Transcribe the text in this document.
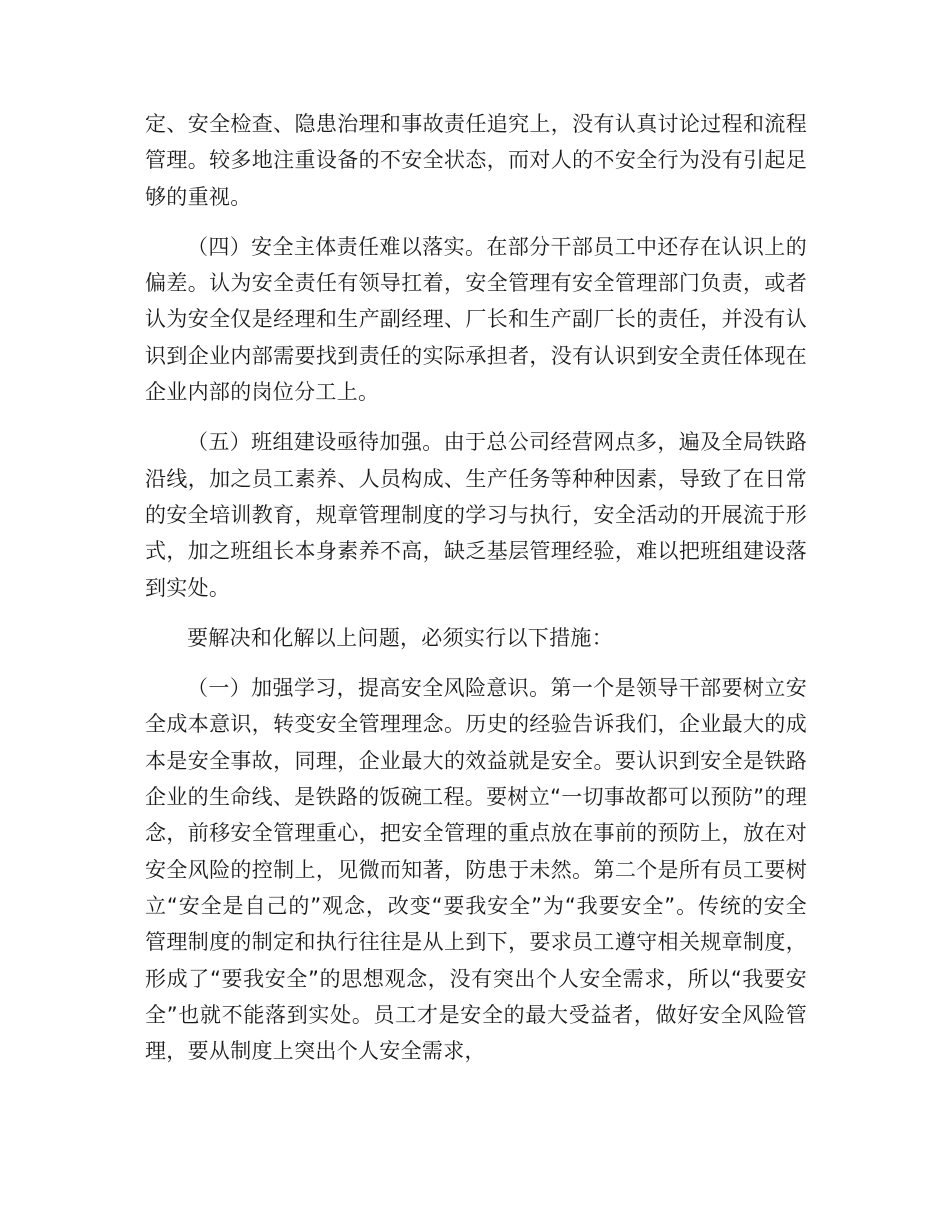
定、安全检查、隐患治理和事故责任追究上，没有认真讨论过程和流程管理。较多地注重设备的不安全状态，而对人的不安全行为没有引起足够的重视。

（四）安全主体责任难以落实。在部分干部员工中还存在认识上的偏差。认为安全责任有领导扛着，安全管理有安全管理部门负责，或者认为安全仅是经理和生产副经理、厂长和生产副厂长的责任，并没有认识到企业内部需要找到责任的实际承担者，没有认识到安全责任体现在企业内部的岗位分工上。

（五）班组建设亟待加强。由于总公司经营网点多，遍及全局铁路沿线，加之员工素养、人员构成、生产任务等种种因素，导致了在日常的安全培训教育，规章管理制度的学习与执行，安全活动的开展流于形式，加之班组长本身素养不高，缺乏基层管理经验，难以把班组建设落到实处。

要解决和化解以上问题，必须实行以下措施：

（一）加强学习，提高安全风险意识。第一个是领导干部要树立安全成本意识，转变安全管理理念。历史的经验告诉我们，企业最大的成本是安全事故，同理，企业最大的效益就是安全。要认识到安全是铁路企业的生命线、是铁路的饭碗工程。要树立“一切事故都可以预防”的理念，前移安全管理重心，把安全管理的重点放在事前的预防上，放在对安全风险的控制上，见微而知著，防患于未然。第二个是所有员工要树立“安全是自己的”观念，改变“要我安全”为“我要安全”。传统的安全管理制度的制定和执行往往是从上到下，要求员工遵守相关规章制度，形成了“要我安全”的思想观念，没有突出个人安全需求，所以“我要安全”也就不能落到实处。员工才是安全的最大受益者，做好安全风险管理，要从制度上突出个人安全需求，
